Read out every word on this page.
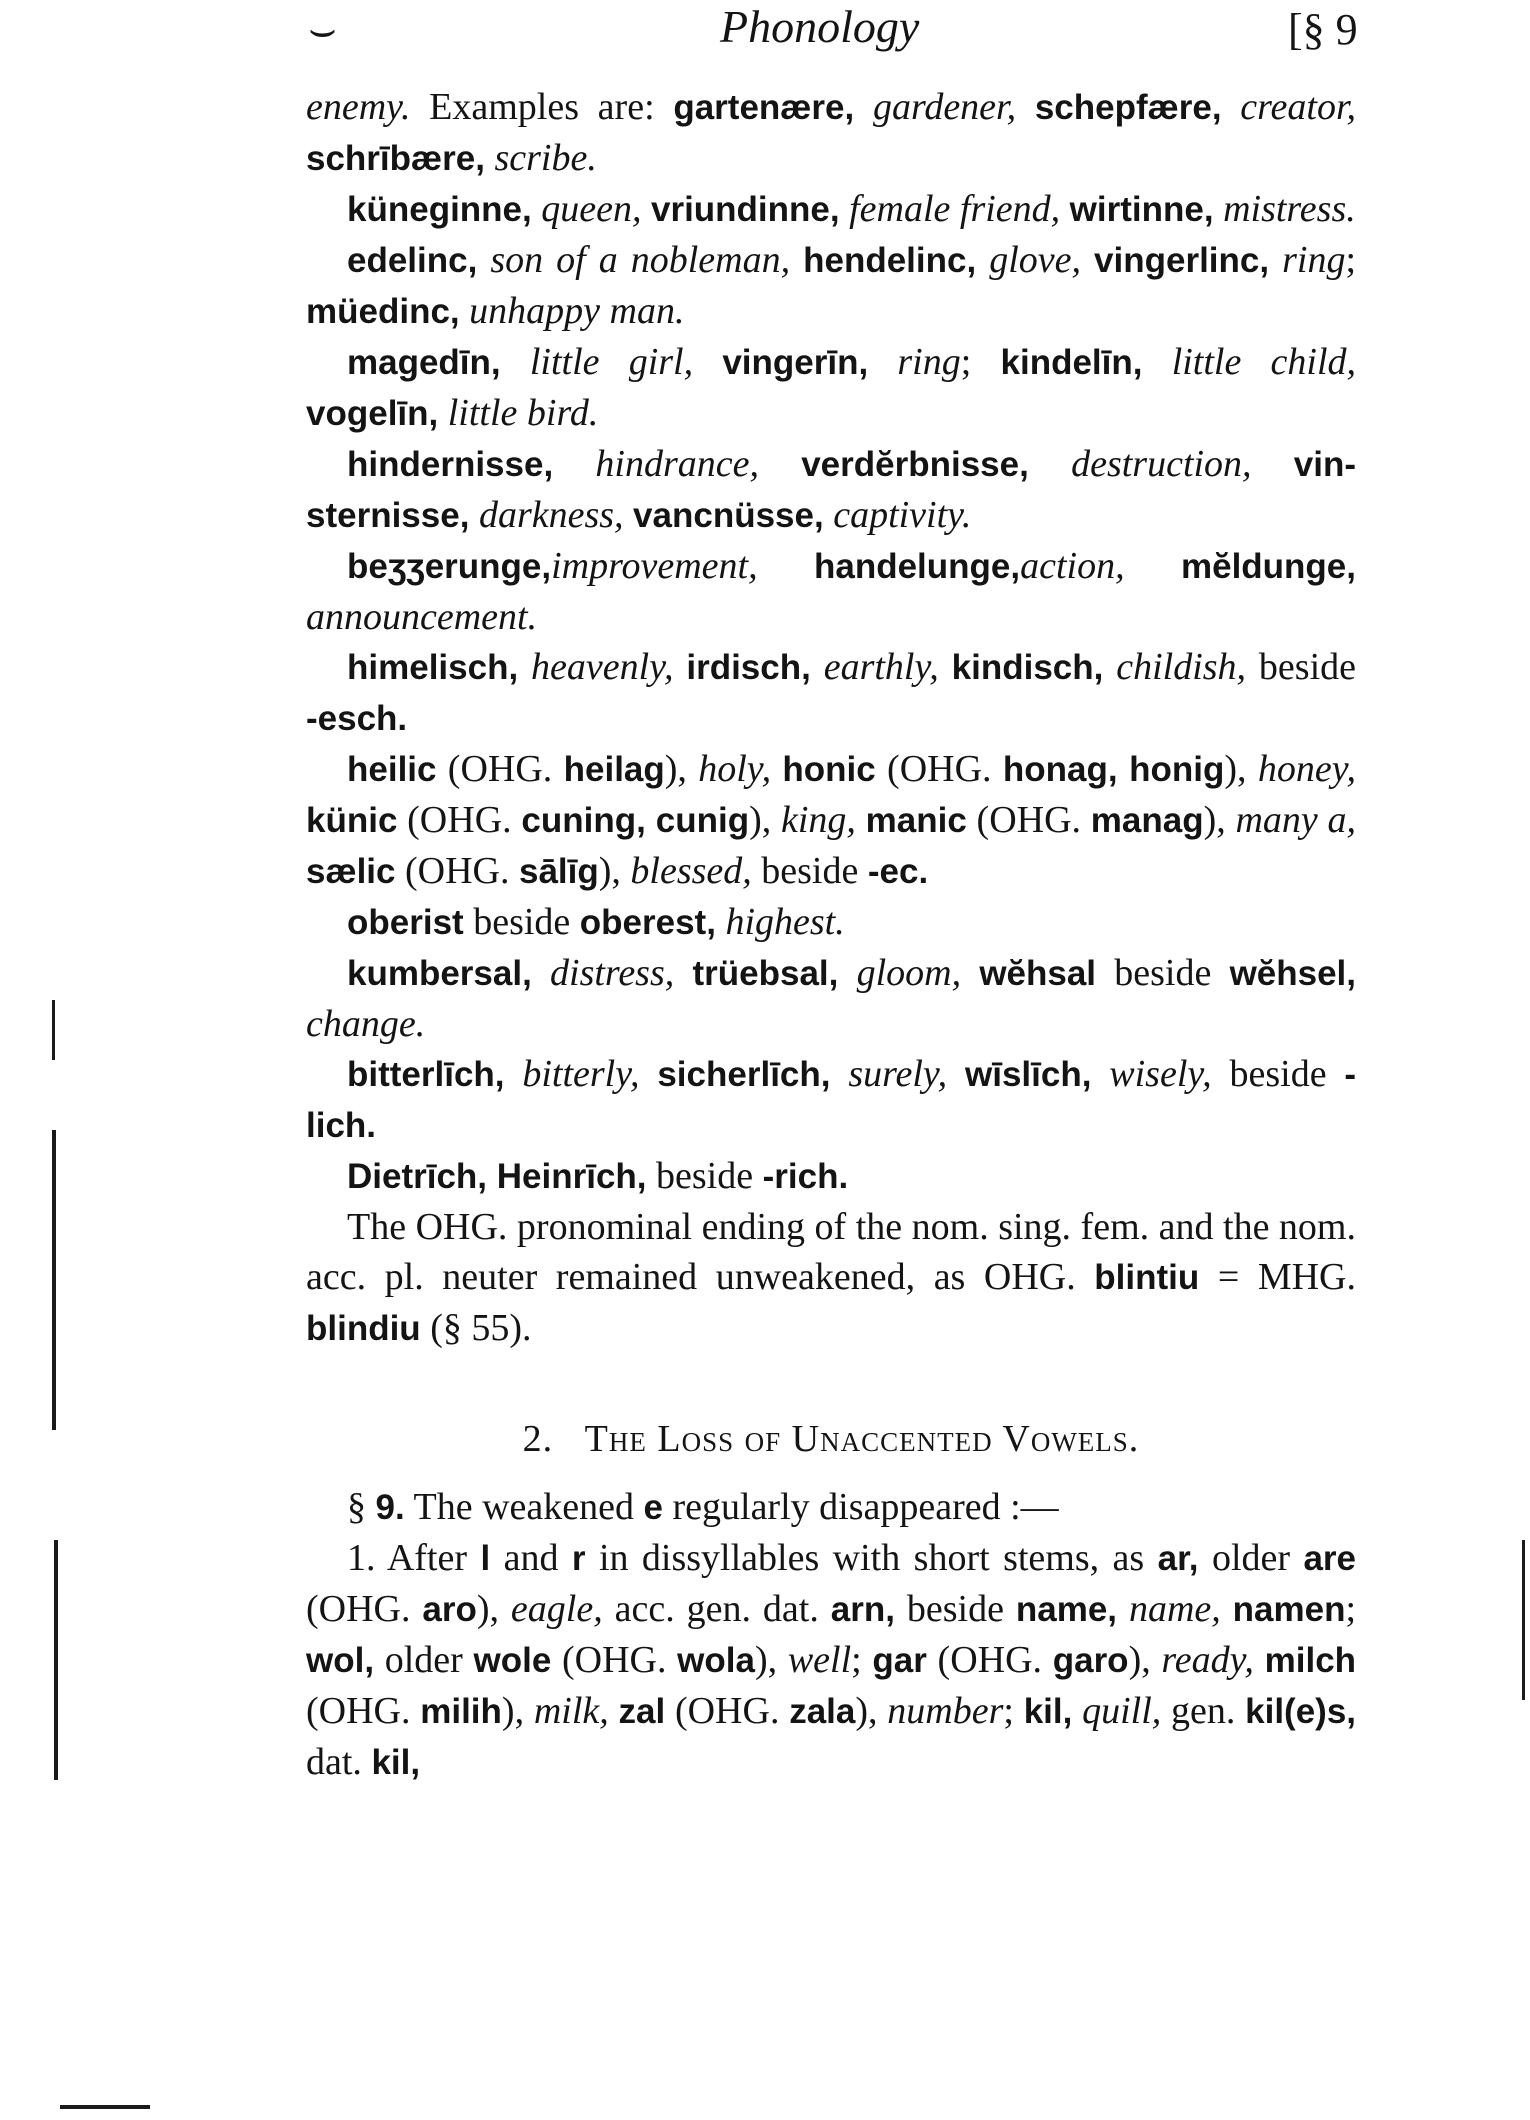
⌣	Phonology	[§ 9

enemy. Examples are: gartenære, gardener, schepfære, creator, schrībære, scribe.

küneginne, queen, vriundinne, female friend, wirtinne, mistress.

edelinc, son of a nobleman, hendelinc, glove, vingerlinc, ring; müedinc, unhappy man.

magedīn, little girl, vingerīn, ring; kindelīn, little child, vogelīn, little bird.

hindernisse, hindrance, verdĕrbnisse, destruction, vin-sternisse, darkness, vancnüsse, captivity.

beʒʒerunge,improvement, handelunge,action, mĕldunge, announcement.

himelisch, heavenly, irdisch, earthly, kindisch, childish, beside -esch.

heilic (OHG. heilag), holy, honic (OHG. honag, honig), honey, künic (OHG. cuning, cunig), king, manic (OHG. manag), many a, sælic (OHG. sālīg), blessed, beside -ec.

oberist beside oberest, highest.

kumbersal, distress, trüebsal, gloom, wĕhsal beside wĕhsel, change.

bitterlīch, bitterly, sicherlīch, surely, wīslīch, wisely, beside -lich.

Dietrīch, Heinrīch, beside -rich.

The OHG. pronominal ending of the nom. sing. fem. and the nom. acc. pl. neuter remained unweakened, as OHG. blintiu = MHG. blindiu (§ 55).

2. The Loss of Unaccented Vowels.

§ 9. The weakened e regularly disappeared :—

1. After l and r in dissyllables with short stems, as ar, older are (OHG. aro), eagle, acc. gen. dat. arn, beside name, name, namen; wol, older wole (OHG. wola), well; gar (OHG. garo), ready, milch (OHG. milih), milk, zal (OHG. zala), number; kil, quill, gen. kil(e)s, dat. kil,
